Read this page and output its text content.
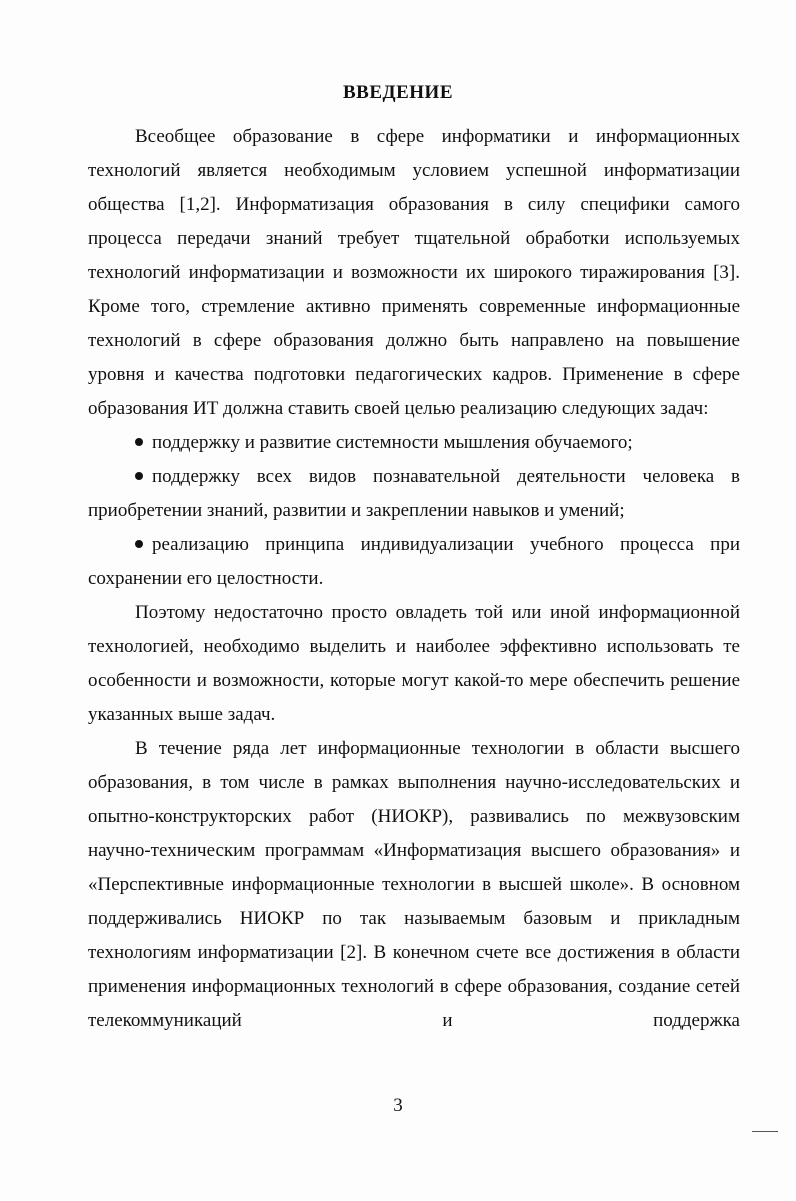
ВВЕДЕНИЕ

Всеобщее образование в сфере информатики и информационных технологий является необходимым условием успешной информатизации общества [1,2]. Информатизация образования в силу специфики самого процесса передачи знаний требует тщательной обработки используемых технологий информатизации и возможности их широкого тиражирования [3]. Кроме того, стремление активно применять современные информационные технологий в сфере образования должно быть направлено на повышение уровня и качества подготовки педагогических кадров. Применение в сфере образования ИТ должна ставить своей целью реализацию следующих задач:

поддержку и развитие системности мышления обучаемого;

поддержку всех видов познавательной деятельности человека в приобретении знаний, развитии и закреплении навыков и умений;

реализацию принципа индивидуализации учебного процесса при сохранении его целостности.

Поэтому недостаточно просто овладеть той или иной информационной технологией, необходимо выделить и наиболее эффективно использовать те особенности и возможности, которые могут какой-то мере обеспечить решение указанных выше задач.

В течение ряда лет информационные технологии в области высшего образования, в том числе в рамках выполнения научно-исследовательских и опытно-конструкторских работ (НИОКР), развивались по межвузовским научно-техническим программам «Информатизация высшего образования» и «Перспективные информационные технологии в высшей школе». В основном поддерживались НИОКР по так называемым базовым и прикладным технологиям информатизации [2]. В конечном счете все достижения в области применения информационных технологий в сфере образования, создание сетей телекоммуникаций и поддержка

3
